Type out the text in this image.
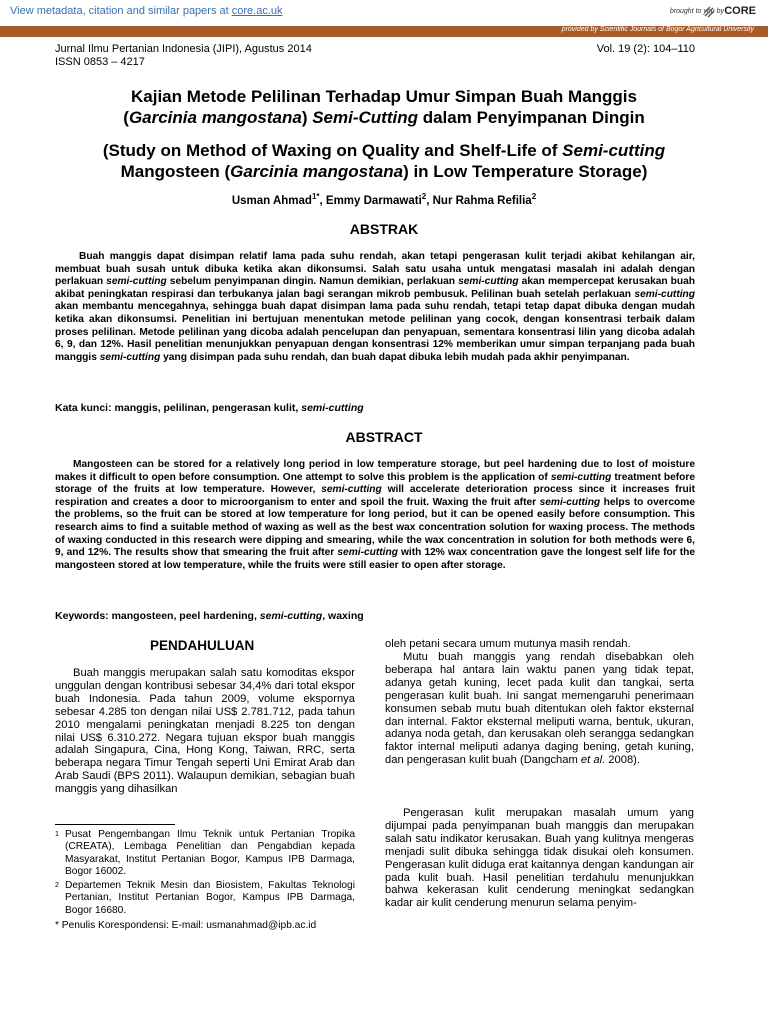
View metadata, citation and similar papers at core.ac.uk	brought to you by CORE
provided by Scientific Journals of Bogor Agricultural University
Jurnal Ilmu Pertanian Indonesia (JIPI), Agustus 2014
ISSN 0853 – 4217
Vol. 19 (2): 104–110
Kajian Metode Pelilinan Terhadap Umur Simpan Buah Manggis
(Garcinia mangostana) Semi-Cutting dalam Penyimpanan Dingin
(Study on Method of Waxing on Quality and Shelf-Life of Semi-cutting
Mangosteen (Garcinia mangostana) in Low Temperature Storage)
Usman Ahmad$^{1*}$, Emmy Darmawati$^2$, Nur Rahma Refilia$^2$
ABSTRAK
Buah manggis dapat disimpan relatif lama pada suhu rendah, akan tetapi pengerasan kulit terjadi akibat kehilangan air, membuat buah susah untuk dibuka ketika akan dikonsumsi. Salah satu usaha untuk mengatasi masalah ini adalah dengan perlakuan semi-cutting sebelum penyimpanan dingin. Namun demikian, perlakuan semi-cutting akan mempercepat kerusakan buah akibat peningkatan respirasi dan terbukanya jalan bagi serangan mikrob pembusuk. Pelilinan buah setelah perlakuan semi-cutting akan membantu mencegahnya, sehingga buah dapat disimpan lama pada suhu rendah, tetapi tetap dapat dibuka dengan mudah ketika akan dikonsumsi. Penelitian ini bertujuan menentukan metode pelilinan yang cocok, dengan konsentrasi terbaik dalam proses pelilinan. Metode pelilinan yang dicoba adalah pencelupan dan penyapuan, sementara konsentrasi lilin yang dicoba adalah 6, 9, dan 12%. Hasil penelitian menunjukkan penyapuan dengan konsentrasi 12% memberikan umur simpan terpanjang pada buah manggis semi-cutting yang disimpan pada suhu rendah, dan buah dapat dibuka lebih mudah pada akhir penyimpanan.
Kata kunci: manggis, pelilinan, pengerasan kulit, semi-cutting
ABSTRACT
Mangosteen can be stored for a relatively long period in low temperature storage, but peel hardening due to lost of moisture makes it difficult to open before consumption. One attempt to solve this problem is the application of semi-cutting treatment before storage of the fruits at low temperature. However, semi-cutting will accelerate deterioration process since it increases fruit respiration and creates a door to microorganism to enter and spoil the fruit. Waxing the fruit after semi-cutting helps to overcome the problems, so the fruit can be stored at low temperature for long period, but it can be opened easily before consumption. This research aims to find a suitable method of waxing as well as the best wax concentration solution for waxing process. The methods of waxing conducted in this research were dipping and smearing, while the wax concentration in solution for both methods were 6, 9, and 12%. The results show that smearing the fruit after semi-cutting with 12% wax concentration gave the longest self life for the mangosteen stored at low temperature, while the fruits were still easier to open after storage.
Keywords: mangosteen, peel hardening, semi-cutting, waxing
PENDAHULUAN
Buah manggis merupakan salah satu komoditas ekspor unggulan dengan kontribusi sebesar 34,4% dari total ekspor buah Indonesia. Pada tahun 2009, volume ekspornya sebesar 4.285 ton dengan nilai US$ 2.781.712, pada tahun 2010 mengalami peningkatan menjadi 8.225 ton dengan nilai US$ 6.310.272. Negara tujuan ekspor buah manggis adalah Singapura, Cina, Hong Kong, Taiwan, RRC, serta beberapa negara Timur Tengah seperti Uni Emirat Arab dan Arab Saudi (BPS 2011). Walaupun demikian, sebagian buah manggis yang dihasilkan
$^1$ Pusat Pengembangan Ilmu Teknik untuk Pertanian Tropika (CREATA), Lembaga Penelitian dan Pengabdian kepada Masyarakat, Institut Pertanian Bogor, Kampus IPB Darmaga, Bogor 16002.
$^2$ Departemen Teknik Mesin dan Biosistem, Fakultas Teknologi Pertanian, Institut Pertanian Bogor, Kampus IPB Darmaga, Bogor 16680.
* Penulis Korespondensi: E-mail: usmanahmad@ipb.ac.id
oleh petani secara umum mutunya masih rendah.
Mutu buah manggis yang rendah disebabkan oleh beberapa hal antara lain waktu panen yang tidak tepat, adanya getah kuning, lecet pada kulit dan tangkai, serta pengerasan kulit buah. Ini sangat memengaruhi penerimaan konsumen sebab mutu buah ditentukan oleh faktor eksternal dan internal. Faktor eksternal meliputi warna, bentuk, ukuran, adanya noda getah, dan kerusakan oleh serangga sedangkan faktor internal meliputi adanya daging bening, getah kuning, dan pengerasan kulit buah (Dangcham et al. 2008).
Pengerasan kulit merupakan masalah umum yang dijumpai pada penyimpanan buah manggis dan merupakan salah satu indikator kerusakan. Buah yang kulitnya mengeras menjadi sulit dibuka sehingga tidak disukai oleh konsumen. Pengerasan kulit diduga erat kaitannya dengan kandungan air pada kulit buah. Hasil penelitian terdahulu menunjukkan bahwa kekerasan kulit cenderung meningkat sedangkan kadar air kulit cenderung menurun selama penyim-
